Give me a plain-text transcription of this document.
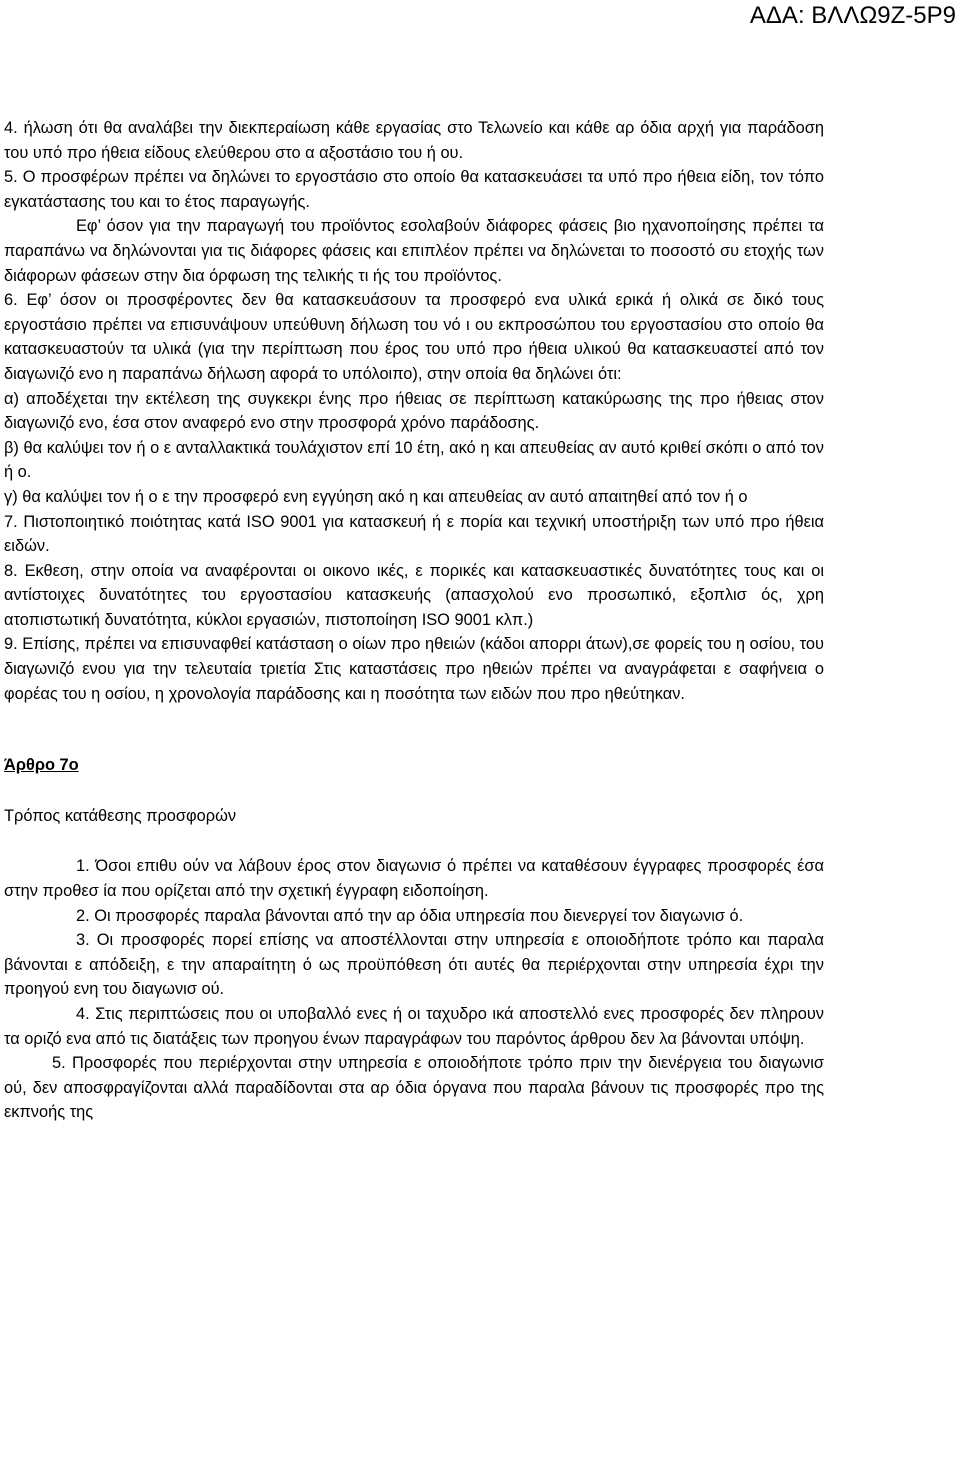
ΑΔΑ: ΒΛΛΩ9Ζ-5Ρ9

4. ήλωση ότι θα αναλάβει την διεκπεραίωση κάθε εργασίας στο Τελωνείο και κάθε αρ όδια αρχή για παράδοση του υπό προ ήθεια είδους ελεύθερου στο α αξοστάσιο του ή ου.

5. Ο προσφέρων πρέπει να δηλώνει το εργοστάσιο στο οποίο θα κατασκευάσει τα υπό προ ήθεια είδη, τον τόπο εγκατάστασης του και το έτος παραγωγής.

Εφ’ όσον για την παραγωγή του προϊόντος εσολαβούν διάφορες φάσεις βιο ηχανοποίησης πρέπει τα παραπάνω να δηλώνονται για τις διάφορες φάσεις και επιπλέον πρέπει να δηλώνεται το ποσοστό συ ετοχής των διάφορων φάσεων στην δια όρφωση της τελικής τι ής του προϊόντος.

6. Εφ’ όσον οι προσφέροντες δεν θα κατασκευάσουν τα προσφερό ενα υλικά ερικά ή ολικά σε δικό τους εργοστάσιο πρέπει να επισυνάψουν υπεύθυνη δήλωση του νό ι ου εκπροσώπου του εργοστασίου στο οποίο θα κατασκευαστούν τα υλικά (για την περίπτωση που έρος του υπό προ ήθεια υλικού θα κατασκευαστεί από τον διαγωνιζό ενο η παραπάνω δήλωση αφορά το υπόλοιπο), στην οποία θα δηλώνει ότι:

α) αποδέχεται την εκτέλεση της συγκεκρι ένης προ ήθειας σε περίπτωση κατακύρωσης της προ ήθειας στον διαγωνιζό ενο, έσα στον αναφερό ενο στην προσφορά χρόνο παράδοσης.

β) θα καλύψει τον ή ο ε ανταλλακτικά τουλάχιστον επί 10 έτη, ακό η και απευθείας αν αυτό κριθεί σκόπι ο από τον ή ο.

γ) θα καλύψει τον ή ο ε την προσφερό ενη εγγύηση ακό η και απευθείας αν αυτό απαιτηθεί από τον ή ο

7. Πιστοποιητικό ποιότητας κατά ISO 9001 για κατασκευή ή ε πορία και τεχνική υποστήριξη των υπό προ ήθεια ειδών.

8. Εκθεση, στην οποία να αναφέρονται οι οικονο ικές, ε πορικές και κατασκευαστικές δυνατότητες τους και οι αντίστοιχες δυνατότητες του εργοστασίου κατασκευής (απασχολού ενο προσωπικό, εξοπλισ ός, χρη ατοπιστωτική δυνατότητα, κύκλοι εργασιών, πιστοποίηση ISO 9001 κλπ.)

9. Επίσης, πρέπει να επισυναφθεί κατάσταση ο οίων προ ηθειών (κάδοι απορρι άτων),σε φορείς του η οσίου, του διαγωνιζό ενου για την τελευταία τριετία Στις καταστάσεις προ ηθειών πρέπει να αναγράφεται ε σαφήνεια ο φορέας του η οσίου, η χρονολογία παράδοσης και η ποσότητα των ειδών που προ ηθεύτηκαν.

Άρθρο 7ο

Τρόπος κατάθεσης προσφορών

1. Όσοι επιθυ ούν να λάβουν έρος στον διαγωνισ ό πρέπει να καταθέσουν έγγραφες προσφορές έσα στην προθεσ ία που ορίζεται από την σχετική έγγραφη ειδοποίηση.

2. Οι προσφορές παραλα βάνονται από την αρ όδια υπηρεσία που διενεργεί τον διαγωνισ ό.

3. Οι προσφορές πορεί επίσης να αποστέλλονται στην υπηρεσία ε οποιοδήποτε τρόπο και παραλα βάνονται ε απόδειξη, ε την απαραίτητη ό ως προϋπόθεση ότι αυτές θα περιέρχονται στην υπηρεσία έχρι την προηγού ενη του διαγωνισ ού.

4. Στις περιπτώσεις που οι υποβαλλό ενες ή οι ταχυδρο ικά αποστελλό ενες προσφορές δεν πληρουν τα οριζό ενα από τις διατάξεις των προηγου ένων παραγράφων του παρόντος άρθρου δεν λα βάνονται υπόψη.

5. Προσφορές που περιέρχονται στην υπηρεσία ε οποιοδήποτε τρόπο πριν την διενέργεια του διαγωνισ ού, δεν αποσφραγίζονται αλλά παραδίδονται στα αρ όδια όργανα που παραλα βάνουν τις προσφορές προ της εκπνοής της
